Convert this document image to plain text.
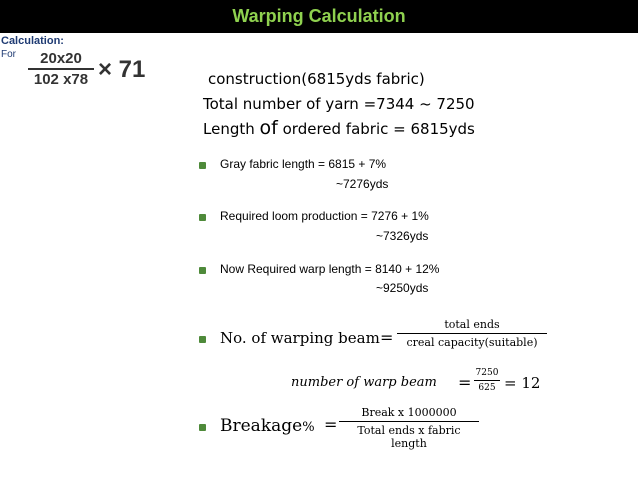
Warping Calculation
Calculation:
For $\frac{20x20}{102 x78} \times 71$	construction(6815yds fabric)
Total number of yarn =7344 ~ 7250
Length of ordered fabric = 6815yds
Gray fabric length = 6815 + 7%
~7276yds
Required loom production = 7276 + 1%
~7326yds
Now Required warp length = 8140 + 12%
~9250yds
No. of warping beam =
total ends
creal capacity(suitable)
number of warp beam = $\frac{7250}{625} = 12$
Breakage% =
Break x 1000000
Total ends x fabric length
